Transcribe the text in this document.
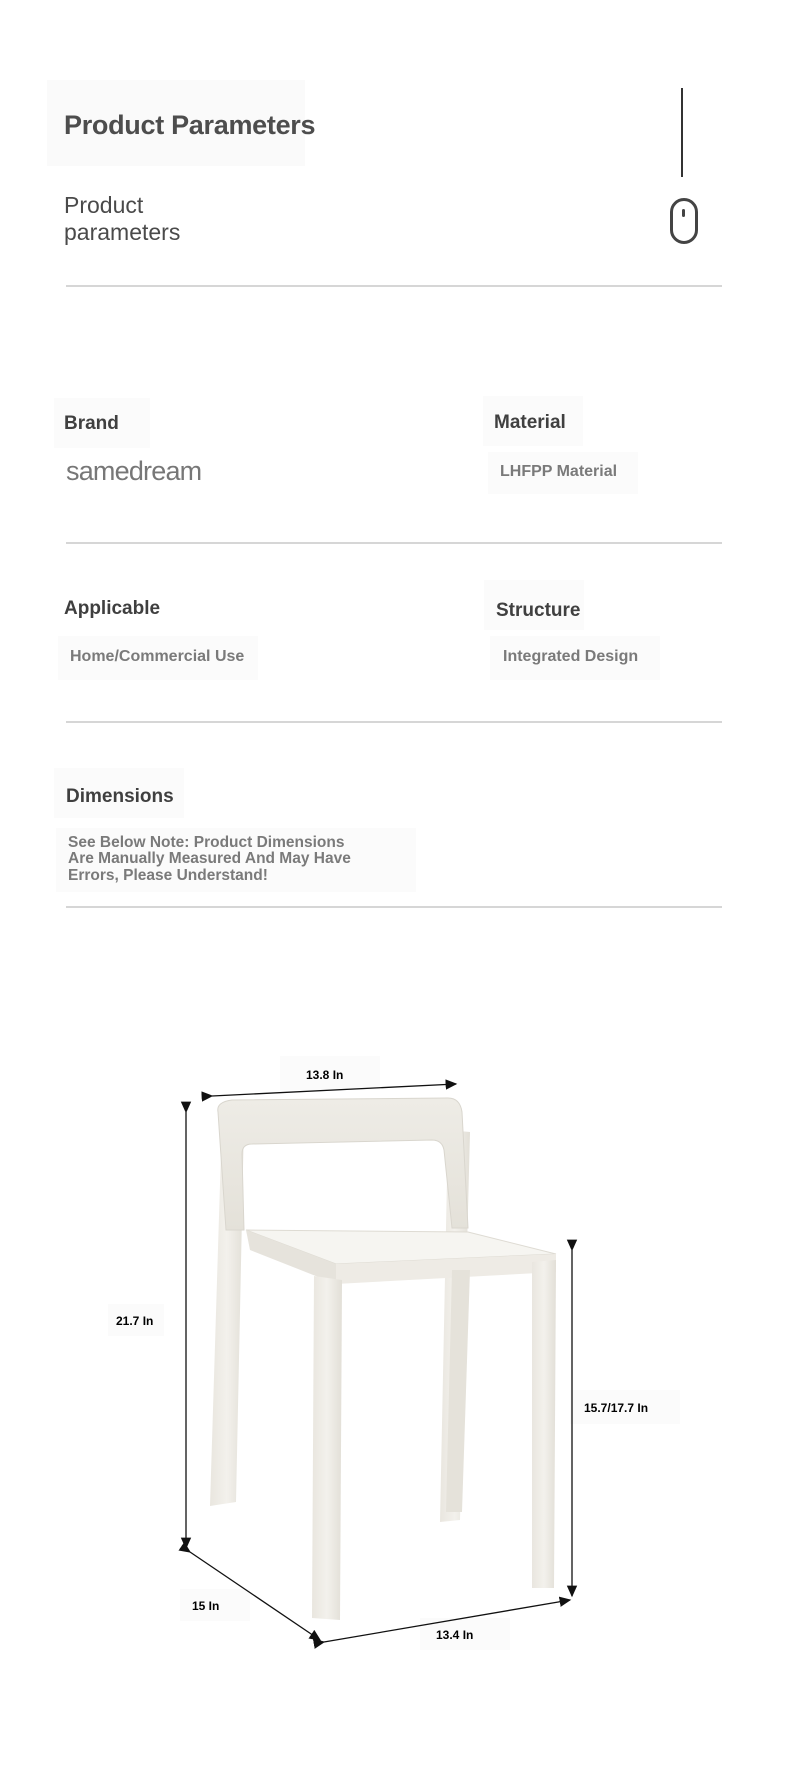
Product Parameters
Product parameters
Brand
samedream
Material
LHFPP Material
Applicable
Home/Commercial Use
Structure
Integrated Design
Dimensions
See Below Note: Product Dimensions
Are Manually Measured And May Have
Errors, Please Understand!
13.8 In
21.7 In
15.7/17.7 In
15 In
13.4 In
